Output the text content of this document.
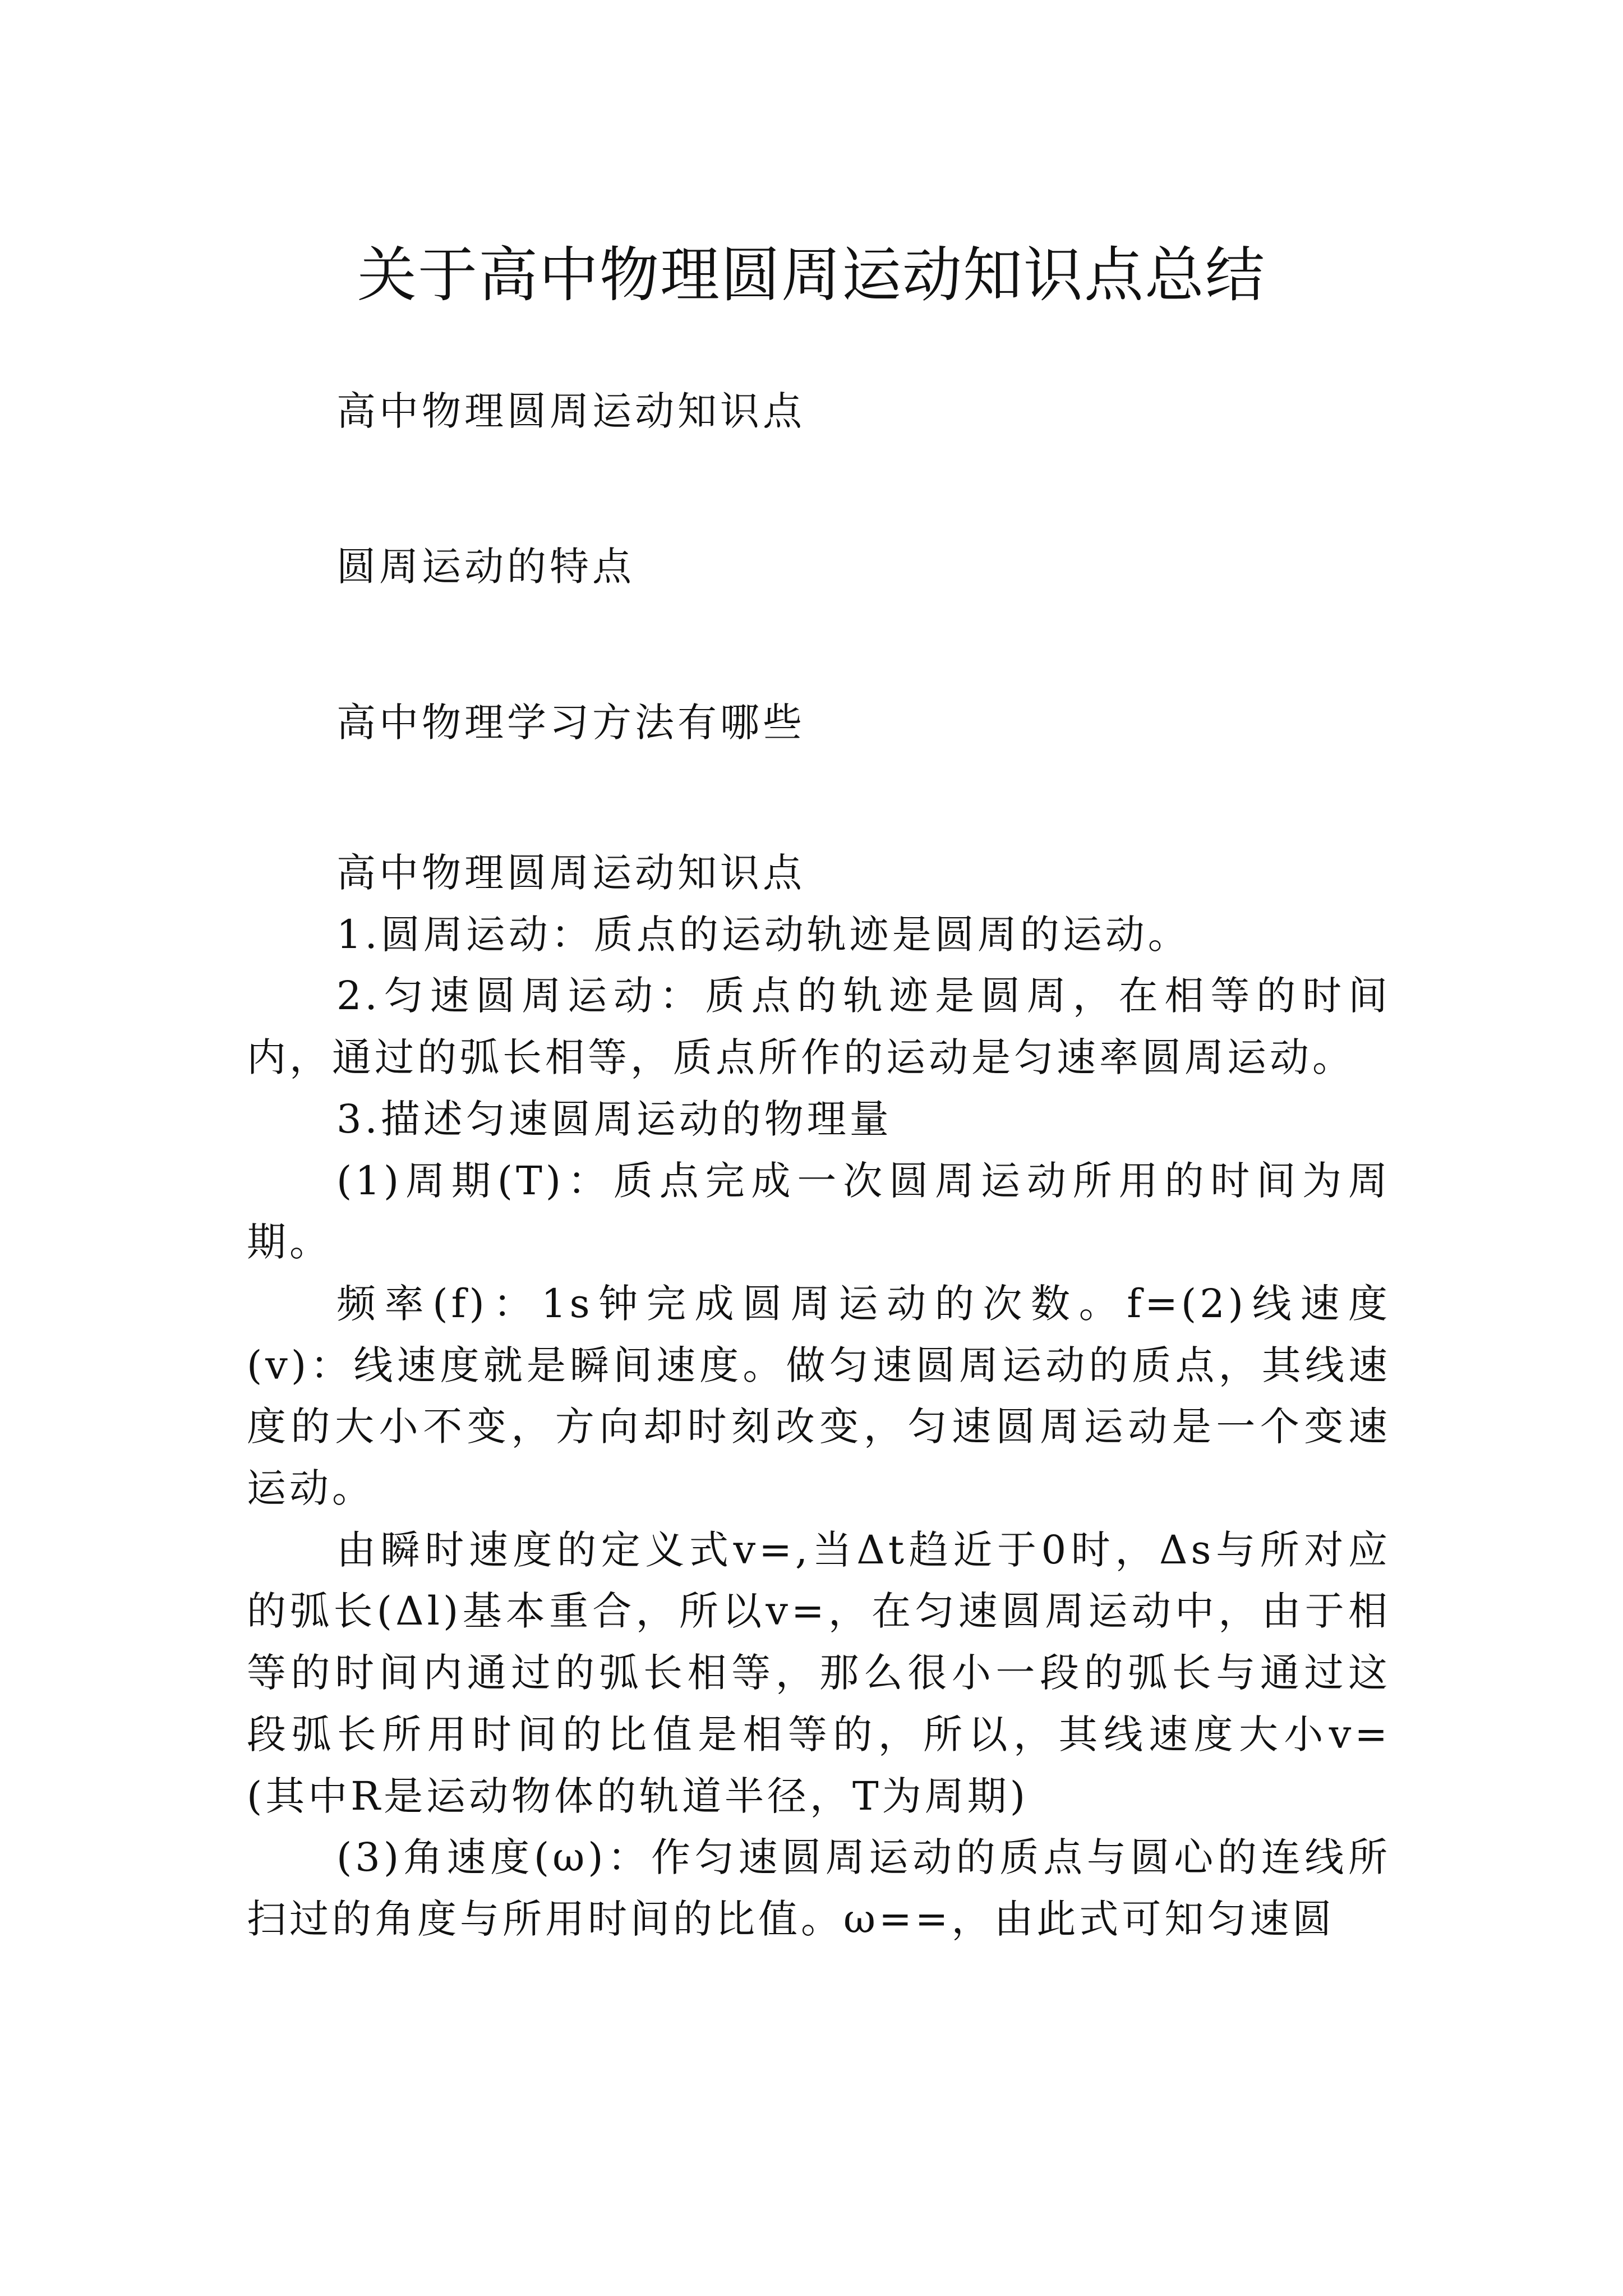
关于高中物理圆周运动知识点总结
高中物理圆周运动知识点
圆周运动的特点
高中物理学习方法有哪些

高中物理圆周运动知识点

1.圆周运动：质点的运动轨迹是圆周的运动。

2.匀速圆周运动：质点的轨迹是圆周，在相等的时间内，通过的弧长相等，质点所作的运动是匀速率圆周运动。

3.描述匀速圆周运动的物理量

(1)周期(T)：质点完成一次圆周运动所用的时间为周期。

频率(f)：1s钟完成圆周运动的次数。f=(2)线速度(v)：线速度就是瞬间速度。做匀速圆周运动的质点，其线速度的大小不变，方向却时刻改变，匀速圆周运动是一个变速运动。

由瞬时速度的定义式v=,当Δt趋近于0时，Δs与所对应的弧长(Δl)基本重合，所以v=，在匀速圆周运动中，由于相等的时间内通过的弧长相等，那么很小一段的弧长与通过这段弧长所用时间的比值是相等的，所以，其线速度大小v=(其中R是运动物体的轨道半径，T为周期)

(3)角速度(ω)：作匀速圆周运动的质点与圆心的连线所扫过的角度与所用时间的比值。ω==，由此式可知匀速圆
